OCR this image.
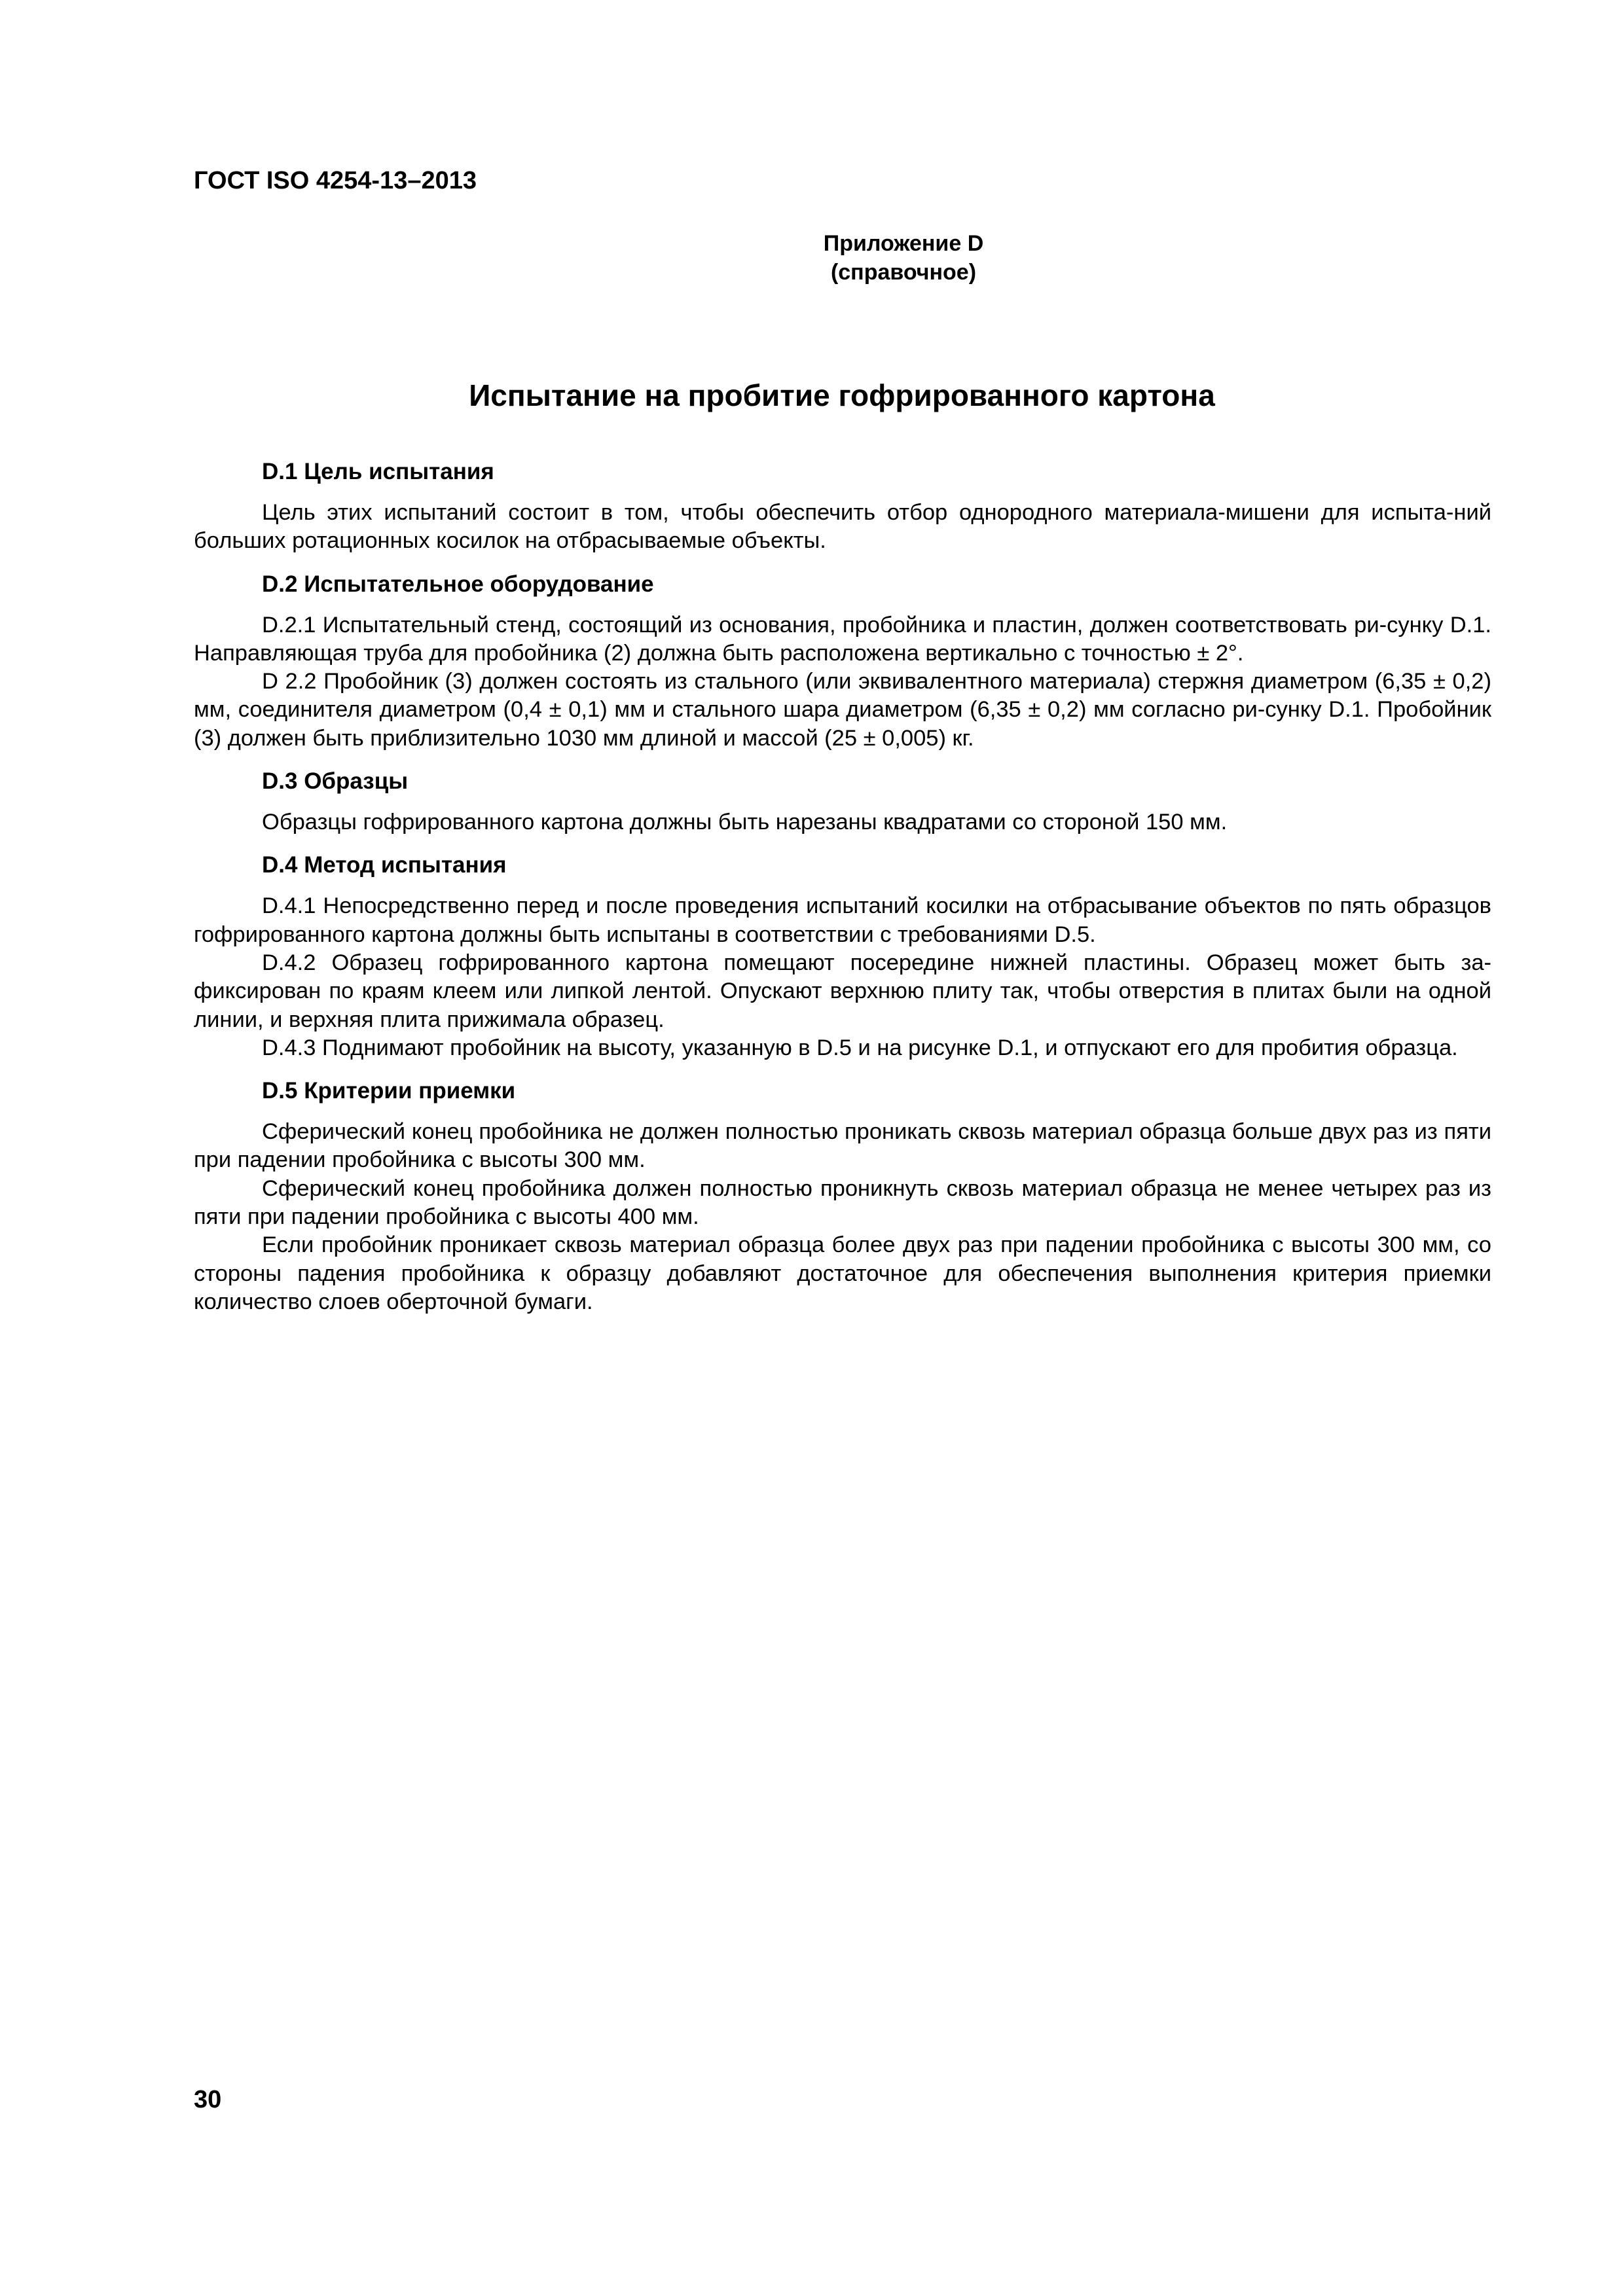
ГОСТ ISO 4254-13–2013
Приложение D
(справочное)
Испытание на пробитие гофрированного картона

D.1 Цель испытания

Цель этих испытаний состоит в том, чтобы обеспечить отбор однородного материала-мишени для испыта-ний больших ротационных косилок на отбрасываемые объекты.

D.2 Испытательное оборудование

D.2.1 Испытательный стенд, состоящий из основания, пробойника и пластин, должен соответствовать ри-сунку D.1. Направляющая труба для пробойника (2) должна быть расположена вертикально с точностью ± 2°.

D 2.2 Пробойник (3) должен состоять из стального (или эквивалентного материала) стержня диаметром (6,35 ± 0,2) мм, соединителя диаметром (0,4 ± 0,1) мм и стального шара диаметром (6,35 ± 0,2) мм согласно ри-сунку D.1. Пробойник (3) должен быть приблизительно 1030 мм длиной и массой (25 ± 0,005) кг.

D.3 Образцы

Образцы гофрированного картона должны быть нарезаны квадратами со стороной 150 мм.

D.4 Метод испытания

D.4.1 Непосредственно перед и после проведения испытаний косилки на отбрасывание объектов по пять образцов гофрированного картона должны быть испытаны в соответствии с требованиями D.5.

D.4.2 Образец гофрированного картона помещают посередине нижней пластины. Образец может быть за-фиксирован по краям клеем или липкой лентой. Опускают верхнюю плиту так, чтобы отверстия в плитах были на одной линии, и верхняя плита прижимала образец.

D.4.3 Поднимают пробойник на высоту, указанную в D.5 и на рисунке D.1, и отпускают его для пробития образца.

D.5 Критерии приемки

Сферический конец пробойника не должен полностью проникать сквозь материал образца больше двух раз из пяти при падении пробойника с высоты 300 мм.

Сферический конец пробойника должен полностью проникнуть сквозь материал образца не менее четырех раз из пяти при падении пробойника с высоты 400 мм.

Если пробойник проникает сквозь материал образца более двух раз при падении пробойника с высоты 300 мм, со стороны падения пробойника к образцу добавляют достаточное для обеспечения выполнения критерия приемки количество слоев оберточной бумаги.

30
